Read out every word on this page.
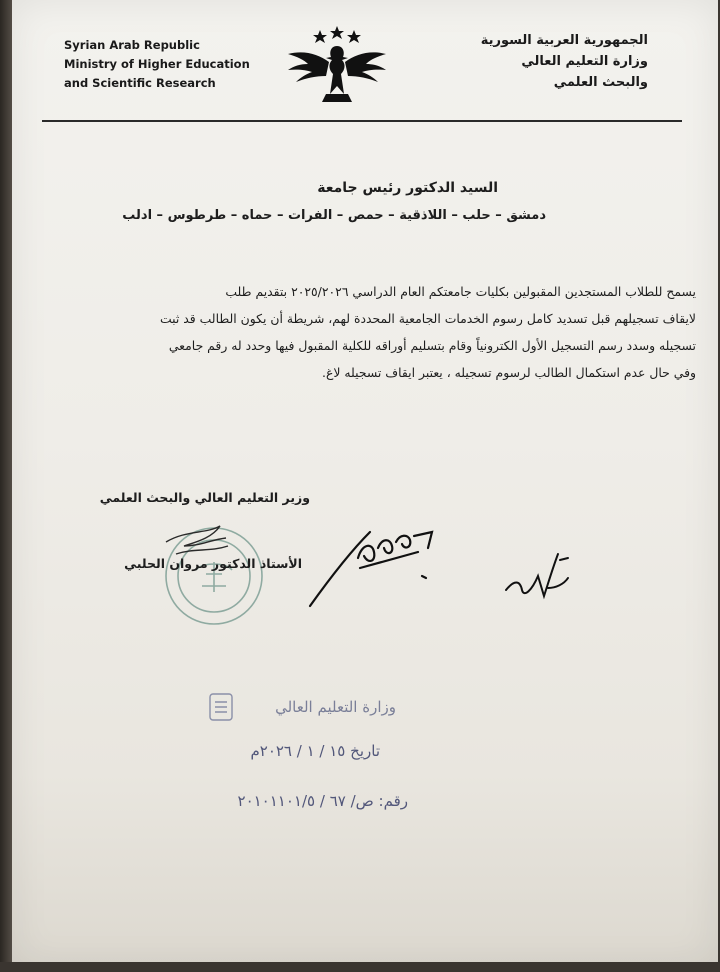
Syrian Arab Republic
Ministry of Higher Education
and Scientific Research
الجمهورية العربية السورية
وزارة التعليم العالي
والبحث العلمي
السيد الدكتور رئيس جامعة
دمشق – حلب – اللاذقية – حمص – الفرات – حماه – طرطوس – ادلب
يسمح للطلاب المستجدين المقبولين بكليات جامعتكم العام الدراسي ٢٠٢٥/٢٠٢٦ بتقديم طلب
لايقاف تسجيلهم قبل تسديد كامل رسوم الخدمات الجامعية المحددة لهم، شريطة أن يكون الطالب قد ثبت
تسجيله وسدد رسم التسجيل الأول الكترونياً وقام بتسليم أوراقه للكلية المقبول فيها وحدد له رقم جامعي
وفي حال عدم استكمال الطالب لرسوم تسجيله ، يعتبر ايقاف تسجيله لاغ.
وزير التعليم العالي والبحث العلمي
الأستاذ الدكتور مروان الحلبي
وزارة التعليم العالي
تاريخ ١٥ / ١ / ٢٠٢٦م
رقم: ص/ ٦٧ / ٢٠١٠١١٠١/٥
